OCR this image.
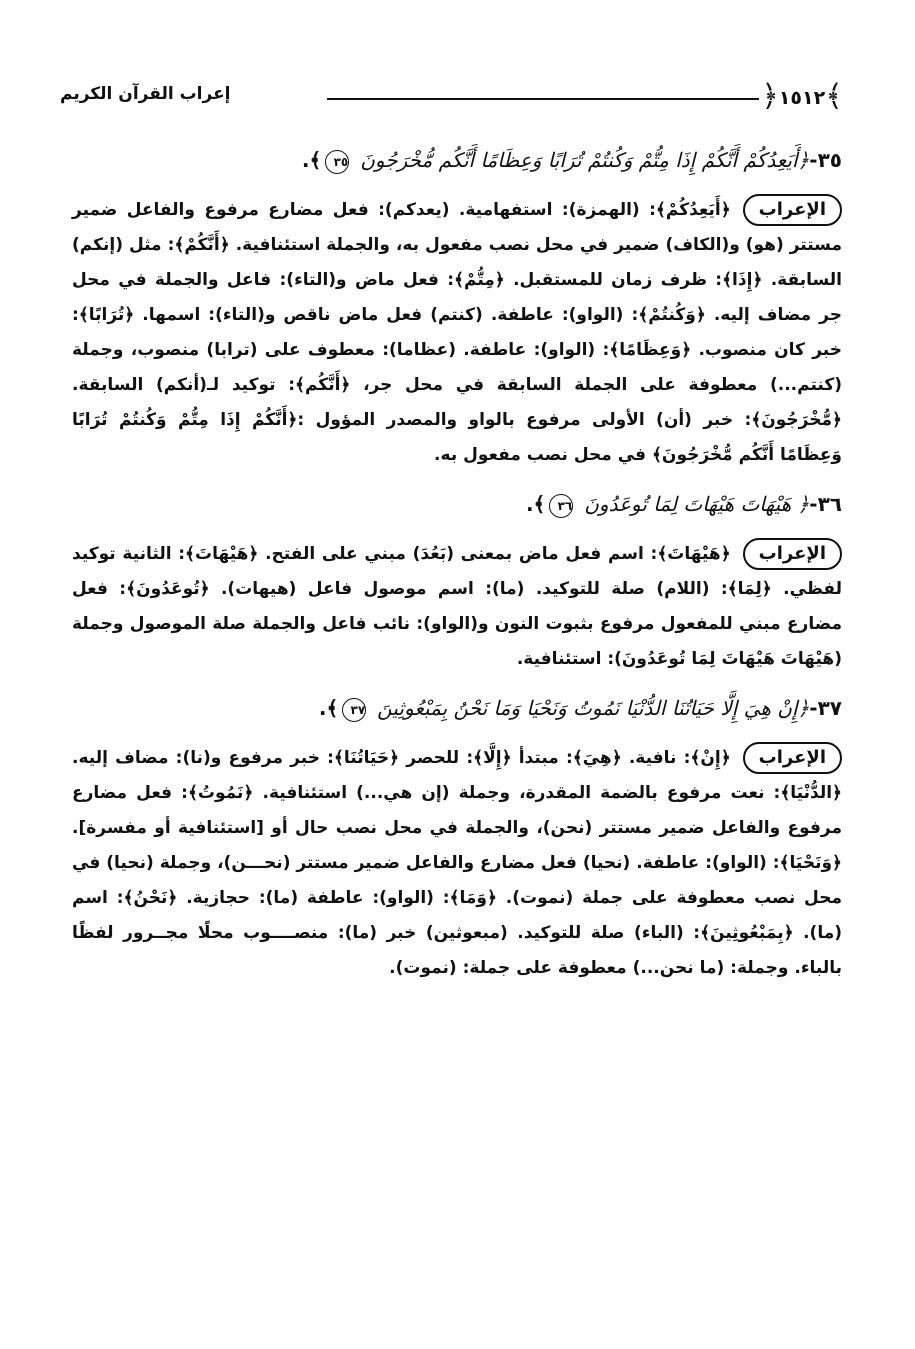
إعراب القرآن الكريم	﴿١٥١٢﴾
٣٥-﴿أَيَعِدُكُمْ أَنَّكُمْ إِذَا مِتُّمْ وَكُنتُمْ تُرَابًا وَعِظَامًا أَنَّكُم مُّخْرَجُونَ ٣٥﴾.
الإعراب﴿أَيَعِدُكُمْ﴾: (الهمزة): استفهامية. (يعدكم): فعل مضارع مرفوع والفاعل ضمير مستتر (هو) و(الكاف) ضمير في محل نصب مفعول به، والجملة استئنافية. ﴿أَنَّكُمْ﴾: مثل (إنكم) السابقة. ﴿إِذَا﴾: ظرف زمان للمستقبل. ﴿مِتُّمْ﴾: فعل ماض و(التاء): فاعل والجملة في محل جر مضاف إليه. ﴿وَكُنتُمْ﴾: (الواو): عاطفة. (كنتم) فعل ماض ناقص و(التاء): اسمها. ﴿تُرَابًا﴾: خبر كان منصوب. ﴿وَعِظَامًا﴾: (الواو): عاطفة. (عظاما): معطوف على (ترابا) منصوب، وجملة (كنتم...) معطوفة على الجملة السابقة في محل جر، ﴿أَنَّكُم﴾: توكيد لـ(أنكم) السابقة. ﴿مُّخْرَجُونَ﴾: خبر (أن) الأولى مرفوع بالواو والمصدر المؤول :﴿أَنَّكُمْ إِذَا مِتُّمْ وَكُنتُمْ تُرَابًا وَعِظَامًا أَنَّكُم مُّخْرَجُونَ﴾ في محل نصب مفعول به.
٣٦-﴿ هَيْهَاتَ هَيْهَاتَ لِمَا تُوعَدُونَ ٣٦﴾.
الإعراب﴿هَيْهَاتَ﴾: اسم فعل ماض بمعنى (بَعُدَ) مبني على الفتح. ﴿هَيْهَاتَ﴾: الثانية توكيد لفظي. ﴿لِمَا﴾: (اللام) صلة للتوكيد. (ما): اسم موصول فاعل (هيهات). ﴿تُوعَدُونَ﴾: فعل مضارع مبني للمفعول مرفوع بثبوت النون و(الواو): نائب فاعل والجملة صلة الموصول وجملة (هَيْهَاتَ هَيْهَاتَ لِمَا تُوعَدُونَ): استئنافية.
٣٧-﴿إِنْ هِيَ إِلَّا حَيَاتُنَا الدُّنْيَا نَمُوتُ وَنَحْيَا وَمَا نَحْنُ بِمَبْعُوثِينَ ٣٧﴾.
الإعراب﴿إِنْ﴾: نافية. ﴿هِيَ﴾: مبتدأ ﴿إِلَّا﴾: للحصر ﴿حَيَاتُنَا﴾: خبر مرفوع و(نا): مضاف إليه. ﴿الدُّنْيَا﴾: نعت مرفوع بالضمة المقدرة، وجملة (إن هي...) استئنافية. ﴿نَمُوتُ﴾: فعل مضارع مرفوع والفاعل ضمير مستتر (نحن)، والجملة في محل نصب حال أو [استئنافية أو مفسرة]. ﴿وَنَحْيَا﴾: (الواو): عاطفة. (نحيا) فعل مضارع والفاعل ضمير مستتر (نحـــن)، وجملة (نحيا) في محل نصب معطوفة على جملة (نموت). ﴿وَمَا﴾: (الواو): عاطفة (ما): حجازية. ﴿نَحْنُ﴾: اسم (ما). ﴿بِمَبْعُوثِينَ﴾: (الباء) صلة للتوكيد. (مبعوثين) خبر (ما): منصــــوب محلًا مجــرور لفظًا بالباء. وجملة: (ما نحن...) معطوفة على جملة: (نموت).
